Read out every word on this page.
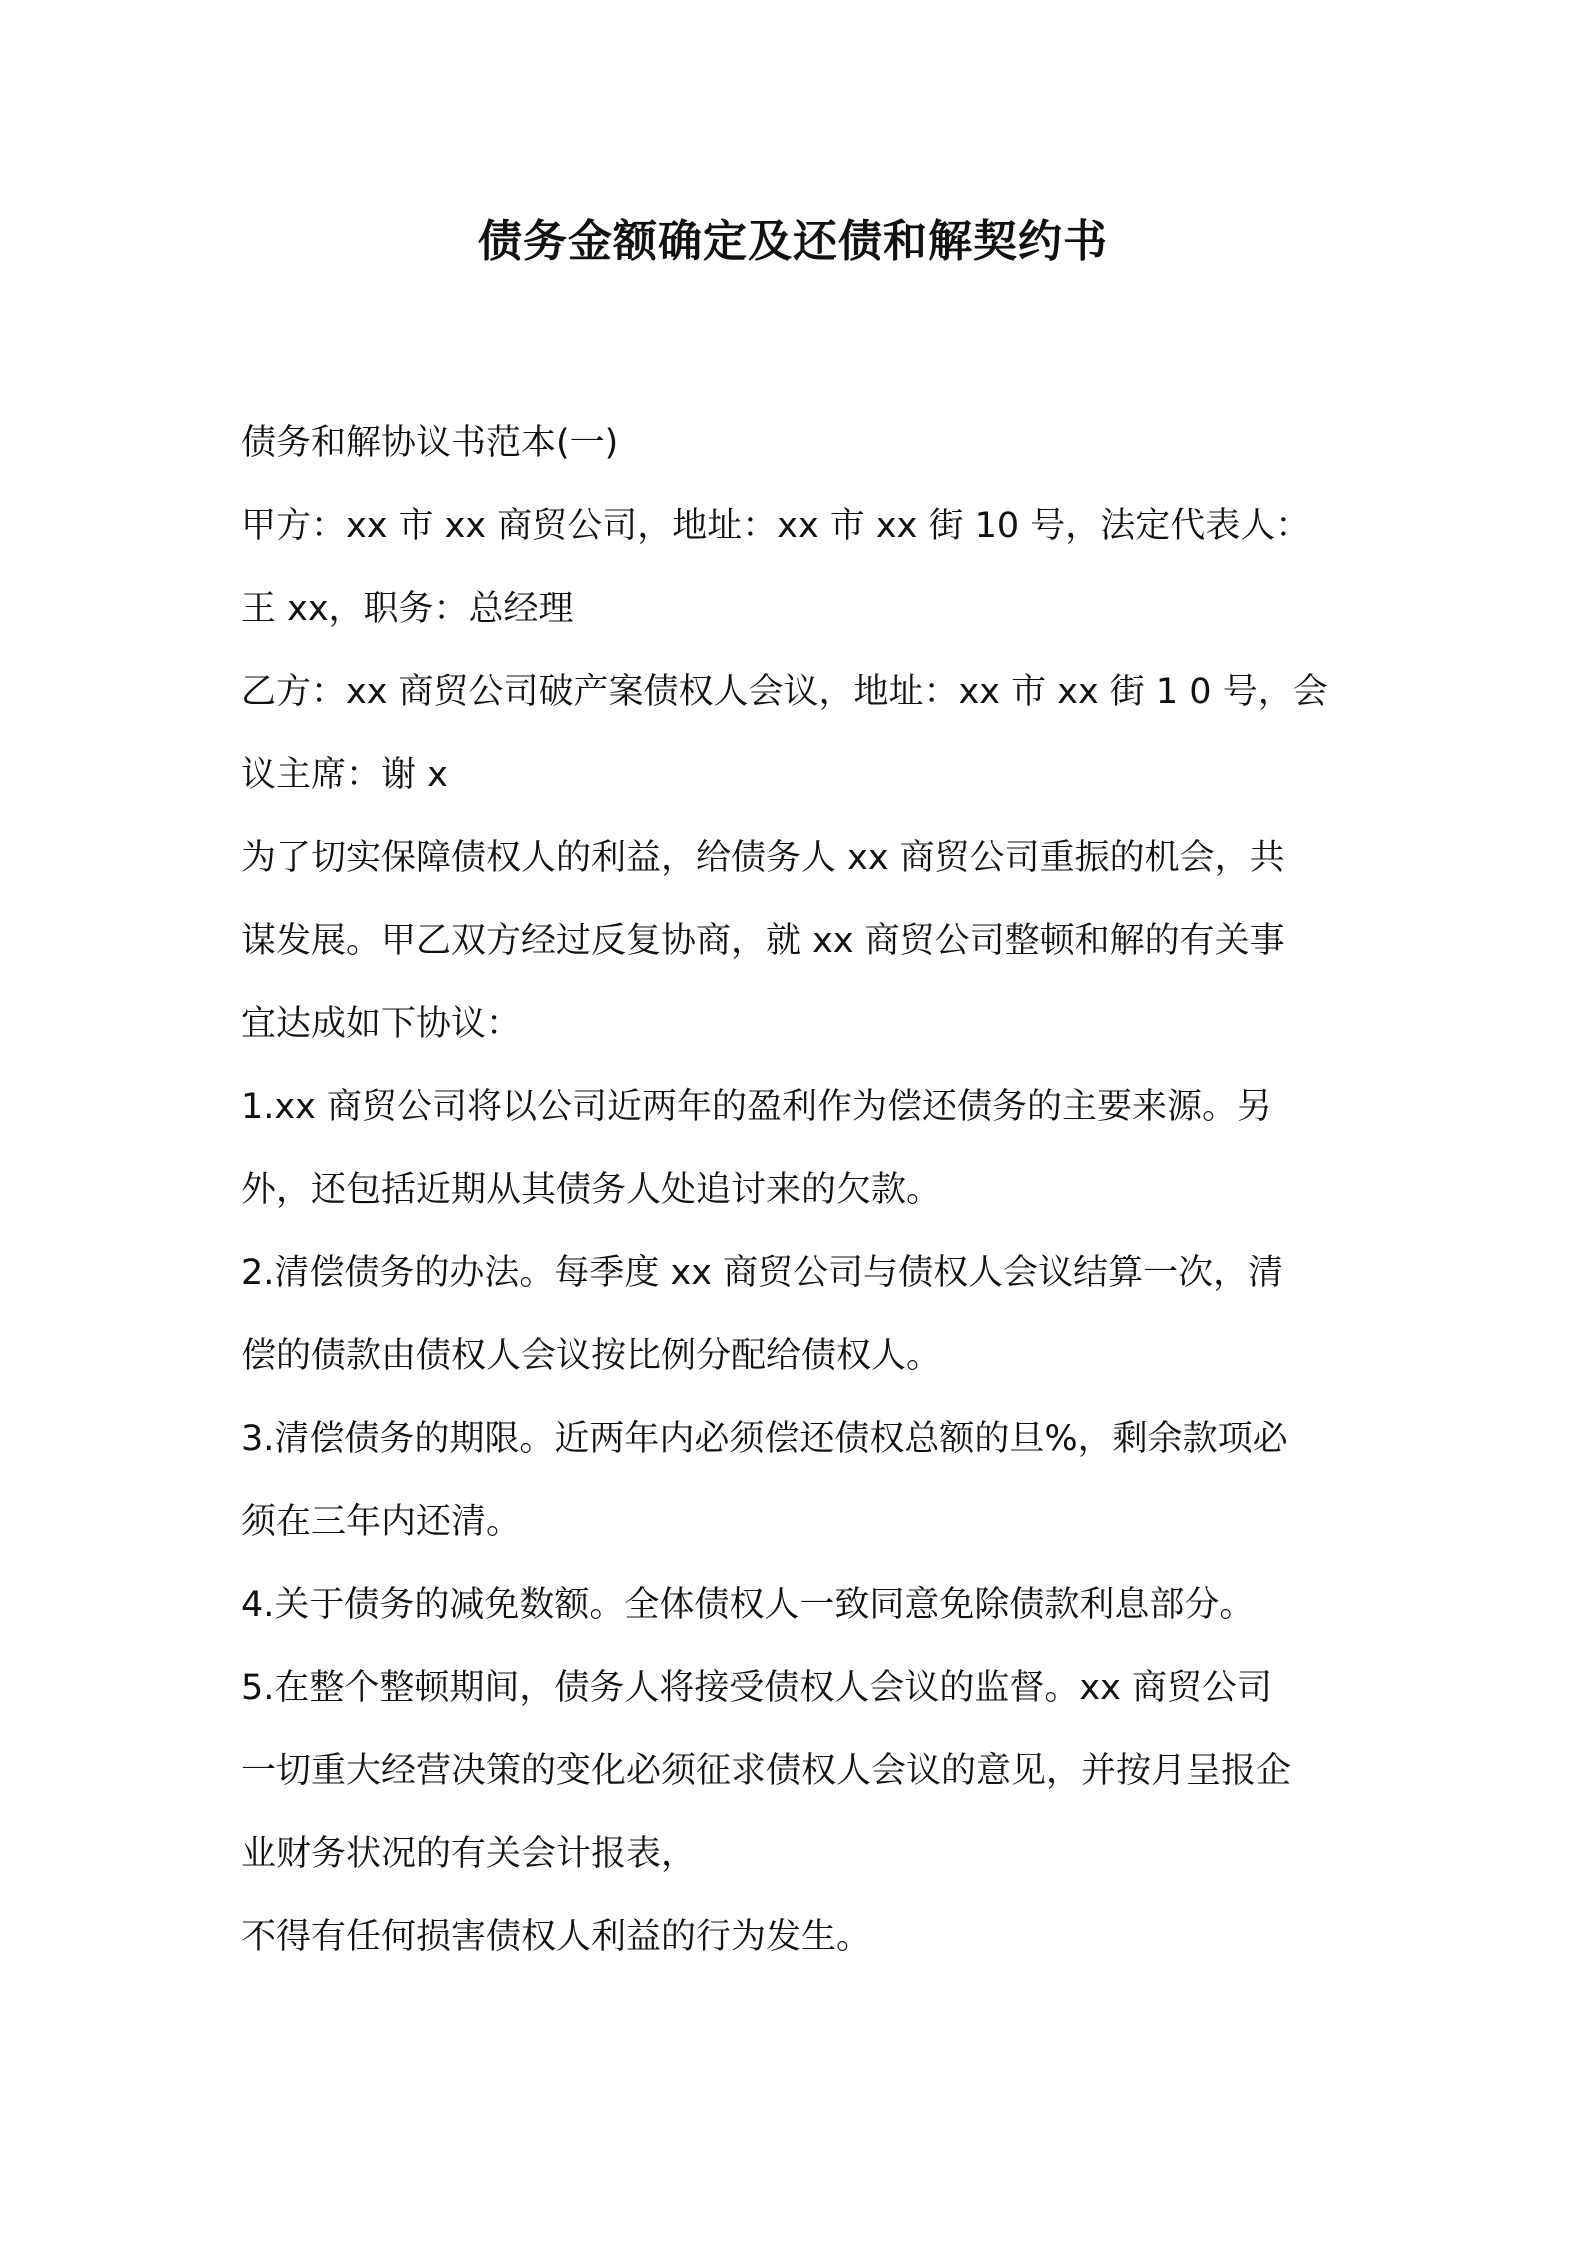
债务金额确定及还债和解契约书

债务和解协议书范本(一)

甲方：xx 市 xx 商贸公司，地址：xx 市 xx 街 10 号，法定代表人：

王 xx，职务：总经理

乙方：xx 商贸公司破产案债权人会议，地址：xx 市 xx 街 1 0 号，会

议主席：谢 x

为了切实保障债权人的利益，给债务人 xx 商贸公司重振的机会，共

谋发展。甲乙双方经过反复协商，就 xx 商贸公司整顿和解的有关事

宜达成如下协议：

1.xx 商贸公司将以公司近两年的盈利作为偿还债务的主要来源。另

外，还包括近期从其债务人处追讨来的欠款。

2.清偿债务的办法。每季度 xx 商贸公司与债权人会议结算一次，清

偿的债款由债权人会议按比例分配给债权人。

3.清偿债务的期限。近两年内必须偿还债权总额的旦%，剩余款项必

须在三年内还清。

4.关于债务的减免数额。全体债权人一致同意免除债款利息部分。

5.在整个整顿期间，债务人将接受债权人会议的监督。xx 商贸公司

一切重大经营决策的变化必须征求债权人会议的意见，并按月呈报企

业财务状况的有关会计报表，

不得有任何损害债权人利益的行为发生。
